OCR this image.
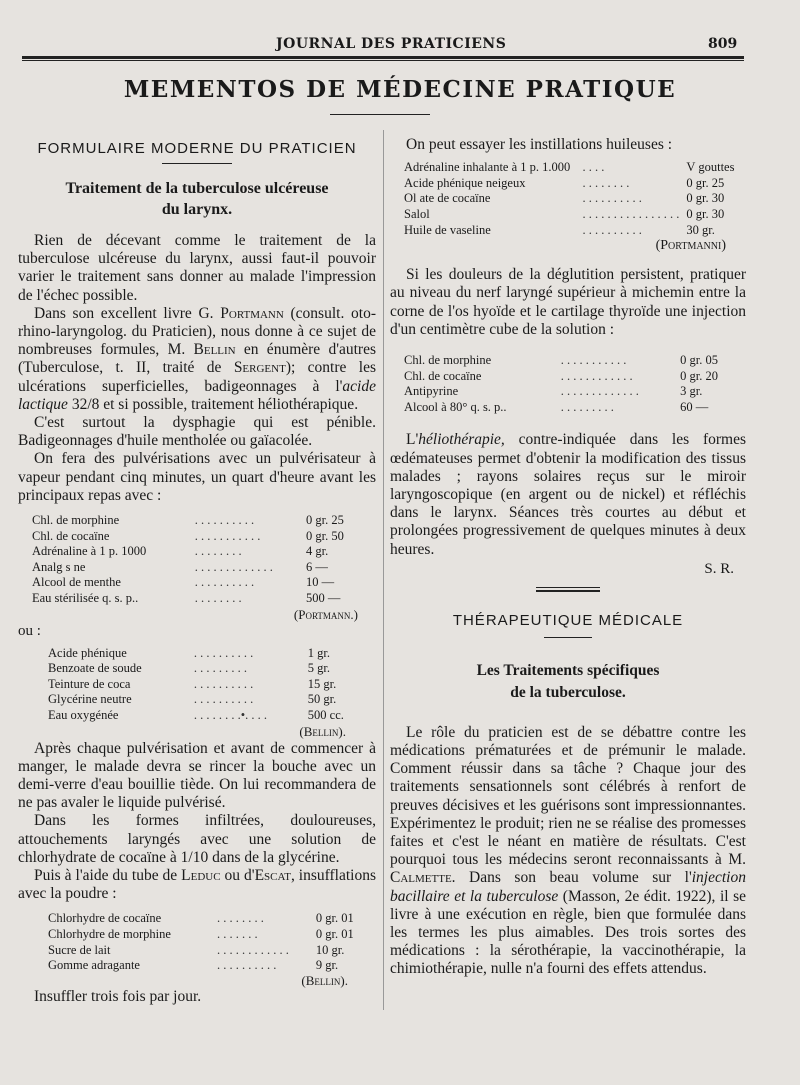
JOURNAL DES PRATICIENS	809
MEMENTOS DE MÉDECINE PRATIQUE
FORMULAIRE MODERNE DU PRATICIEN
Traitement de la tuberculose ulcéreuse
du larynx.

Rien de décevant comme le traitement de la tuberculose ulcéreuse du larynx, aussi faut-il pouvoir varier le traitement sans donner au malade l'impression de l'échec possible.

Dans son excellent livre G. Portmann (consult. oto-rhino-laryngolog. du Praticien), nous donne à ce sujet de nombreuses formules, M. Bellin en énumère d'autres (Tuberculose, t. II, traité de Sergent); contre les ulcérations superficielles, badigeonnages à l'acide lactique 32/8 et si possible, traitement héliothérapique.

C'est surtout la dysphagie qui est pénible. Badigeonnages d'huile mentholée ou gaïacolée.

On fera des pulvérisations avec un pulvérisateur à vapeur pendant cinq minutes, un quart d'heure avant les principaux repas avec :

Chl. de morphine	. . . . . . . . . .	0 gr. 25
Chl. de cocaïne	. . . . . . . . . . .	0 gr. 50
Adrénaline à 1 p. 1000	. . . . . . . .	4 gr.
Analg s ne	. . . . . . . . . . . . .	6 —
Alcool de menthe	. . . . . . . . . .	10 —
Eau stérilisée q. s. p..	. . . . . . . .	500 —
(Portmann.)
ou :
Acide phénique	. . . . . . . . . .	1 gr.
Benzoate de soude	. . . . . . . . .	5 gr.
Teinture de coca	. . . . . . . . . .	15 gr.
Glycérine neutre	. . . . . . . . . .	50 gr.
Eau oxygénée	. . . . . . . .•. . . .	500 cc.
(Bellin).

Après chaque pulvérisation et avant de commencer à manger, le malade devra se rincer la bouche avec un demi-verre d'eau bouillie tiède. On lui recommandera de ne pas avaler le liquide pulvérisé.

Dans les formes infiltrées, douloureuses, attouchements laryngés avec une solution de chlorhydrate de cocaïne à 1/10 dans de la glycérine.

Puis à l'aide du tube de Leduc ou d'Escat, insufflations avec la poudre :

Chlorhydre de cocaïne	. . . . . . . .	0 gr. 01
Chlorhydre de morphine	. . . . . . .	0 gr. 01
Sucre de lait	. . . . . . . . . . . .	10 gr.
Gomme adragante	. . . . . . . . . .	9 gr.
(Bellin).

Insuffler trois fois par jour.

On peut essayer les instillations huileuses :

Adrénaline inhalante à 1 p. 1.000	. . . .	V gouttes
Acide phénique neigeux	. . . . . . . .	0 gr. 25
Ol ate de cocaïne	. . . . . . . . . .	0 gr. 30
Salol	. . . . . . . . . . . . . . . .	0 gr. 30
Huile de vaseline	. . . . . . . . . .	30 gr.
(Portmanni)

Si les douleurs de la déglutition persistent, pratiquer au niveau du nerf laryngé supérieur à michemin entre la corne de l'os hyoïde et le cartilage thyroïde une injection d'un centimètre cube de la solution :

Chl. de morphine	. . . . . . . . . . .	0 gr. 05
Chl. de cocaïne	. . . . . . . . . . . .	0 gr. 20
Antipyrine	. . . . . . . . . . . . .	3 gr.
Alcool à 80° q. s. p..	. . . . . . . . .	60 —

L'héliothérapie, contre-indiquée dans les formes œdémateuses permet d'obtenir la modification des tissus malades ; rayons solaires reçus sur le miroir laryngoscopique (en argent ou de nickel) et réfléchis dans le larynx. Séances très courtes au début et prolongées progressivement de quelques minutes à deux heures.

S. R.
THÉRAPEUTIQUE MÉDICALE
Les Traitements spécifiques
de la tuberculose.

Le rôle du praticien est de se débattre contre les médications prématurées et de prémunir le malade. Comment réussir dans sa tâche ? Chaque jour des traitements sensationnels sont célébrés à renfort de preuves décisives et les guérisons sont impressionnantes. Expérimentez le produit; rien ne se réalise des promesses faites et c'est le néant en matière de résultats. C'est pourquoi tous les médecins seront reconnaissants à M. Calmette. Dans son beau volume sur l'injection bacillaire et la tuberculose (Masson, 2e édit. 1922), il se livre à une exécution en règle, bien que formulée dans les termes les plus aimables. Des trois sortes des médications : la sérothérapie, la vaccinothérapie, la chimiothérapie, nulle n'a fourni des effets attendus.
